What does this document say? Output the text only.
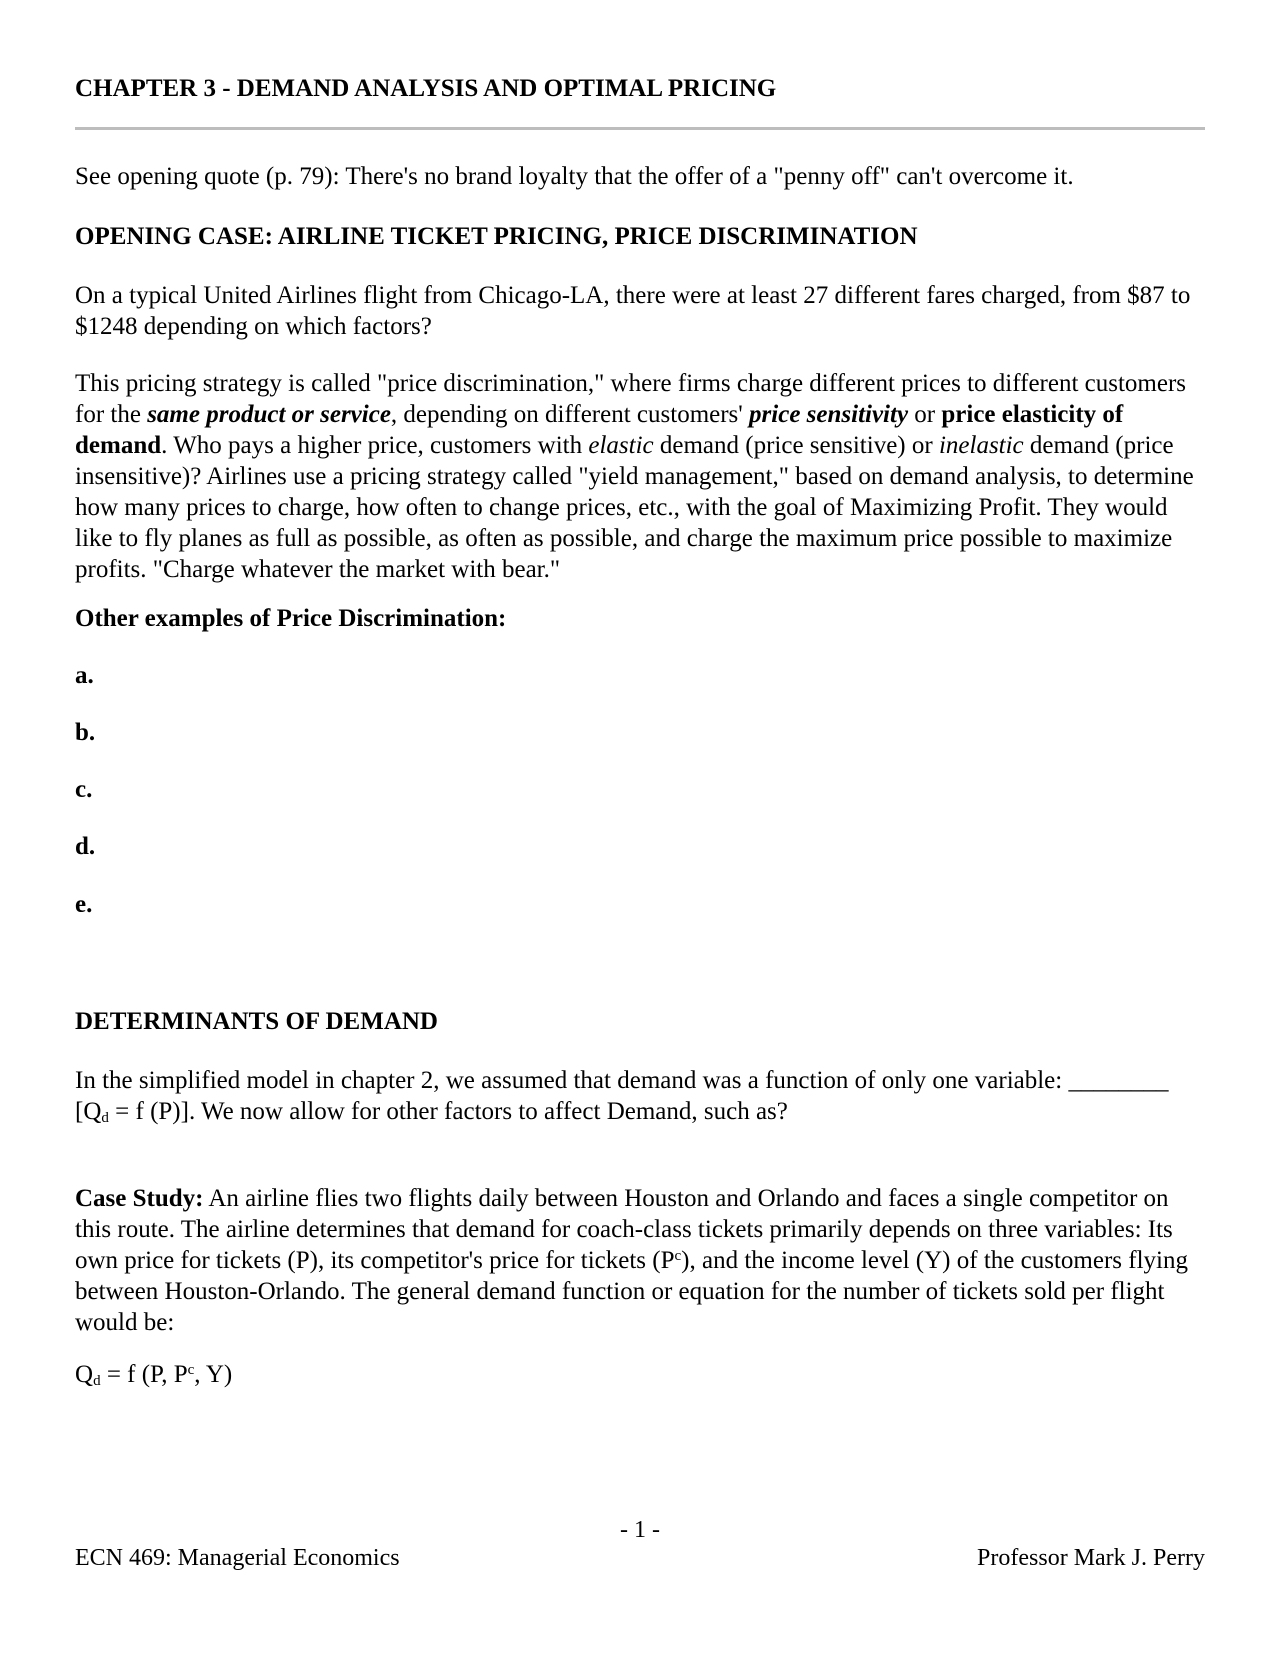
CHAPTER 3 - DEMAND ANALYSIS AND OPTIMAL PRICING
See opening quote (p. 79): There's no brand loyalty that the offer of a "penny off" can't overcome it.
OPENING CASE: AIRLINE TICKET PRICING, PRICE DISCRIMINATION
On a typical United Airlines flight from Chicago-LA, there were at least 27 different fares charged, from $87 to $1248 depending on which factors?
This pricing strategy is called "price discrimination," where firms charge different prices to different customers for the same product or service, depending on different customers' price sensitivity or price elasticity of demand. Who pays a higher price, customers with elastic demand (price sensitive) or inelastic demand (price insensitive)? Airlines use a pricing strategy called "yield management," based on demand analysis, to determine how many prices to charge, how often to change prices, etc., with the goal of Maximizing Profit. They would like to fly planes as full as possible, as often as possible, and charge the maximum price possible to maximize profits. "Charge whatever the market with bear."
Other examples of Price Discrimination:
a.
b.
c.
d.
e.
DETERMINANTS OF DEMAND
In the simplified model in chapter 2, we assumed that demand was a function of only one variable: ________ [$Q_d = f$ (P)]. We now allow for other factors to affect Demand, such as?
Case Study: An airline flies two flights daily between Houston and Orlando and faces a single competitor on this route. The airline determines that demand for coach-class tickets primarily depends on three variables: Its own price for tickets (P), its competitor's price for tickets $(P^c)$, and the income level (Y) of the customers flying between Houston-Orlando. The general demand function or equation for the number of tickets sold per flight would be:
$Q_d = f$ (P, $P^c$, Y)
- 1 -
ECN 469: Managerial Economics	Professor Mark J. Perry
